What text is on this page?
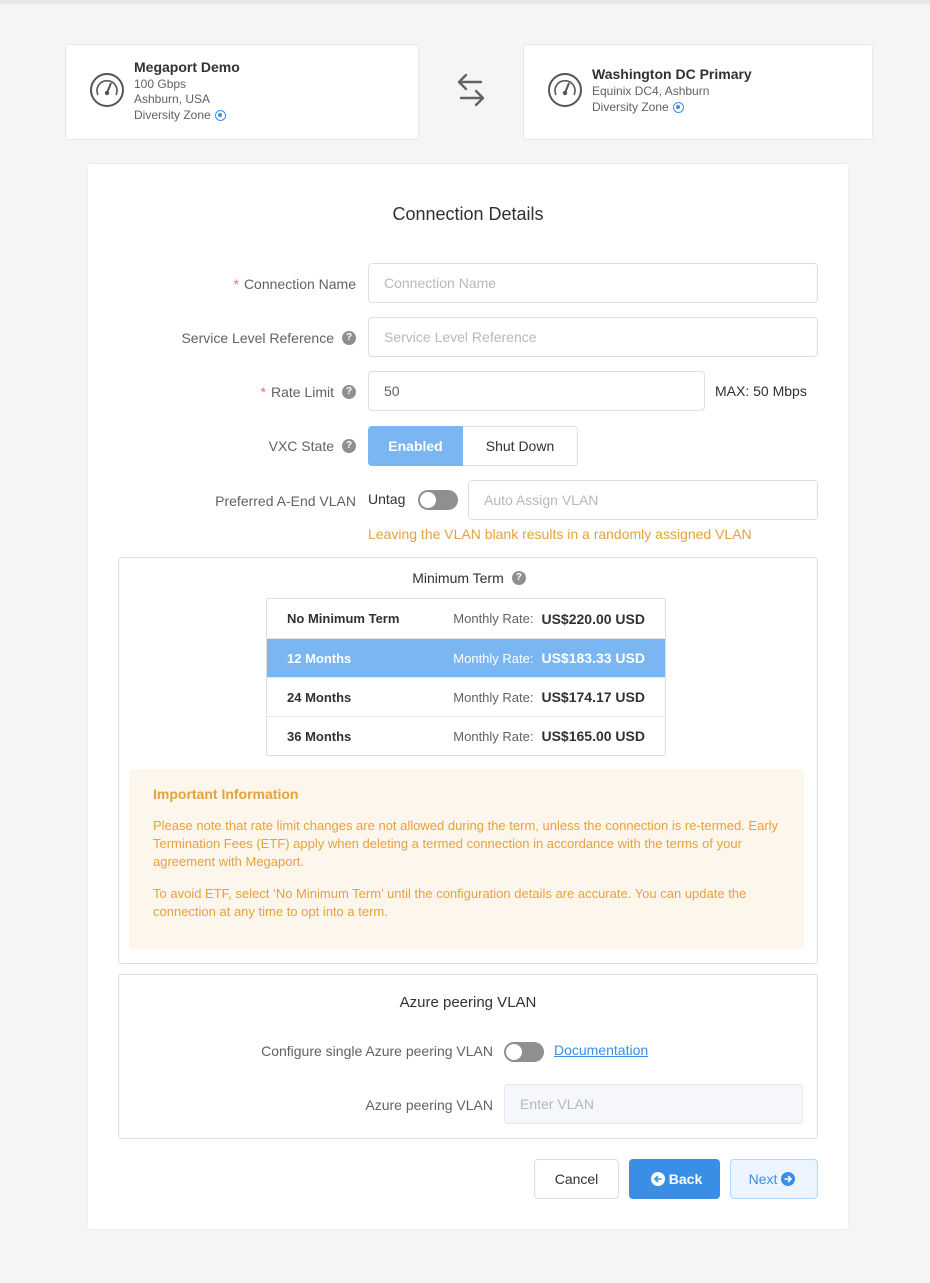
Megaport Demo
100 Gbps
Ashburn, USA
Diversity Zone
Washington DC Primary
Equinix DC4, Ashburn
Diversity Zone
Connection Details
* Connection Name	Connection Name
Service Level Reference	?	Service Level Reference
* Rate Limit	?	50	MAX: 50 Mbps
VXC State	?	Enabled	Shut Down
Preferred A-End VLAN Untag	Auto Assign VLAN
Leaving the VLAN blank results in a randomly assigned VLAN
Minimum Term	?
No Minimum Term	Monthly Rate: US$220.00 USD
12 Months	Monthly Rate: US$183.33 USD
24 Months	Monthly Rate: US$174.17 USD
36 Months	Monthly Rate: US$165.00 USD
Important Information
Please note that rate limit changes are not allowed during the term, unless the connection is re-termed. Early Termination Fees (ETF) apply when deleting a termed connection in accordance with the terms of your agreement with Megaport.
To avoid ETF, select ‘No Minimum Term’ until the configuration details are accurate. You can update the connection at any time to opt into a term.
Azure peering VLAN
Configure single Azure peering VLAN	Documentation
Azure peering VLAN	Enter VLAN
Cancel	Back	Next
